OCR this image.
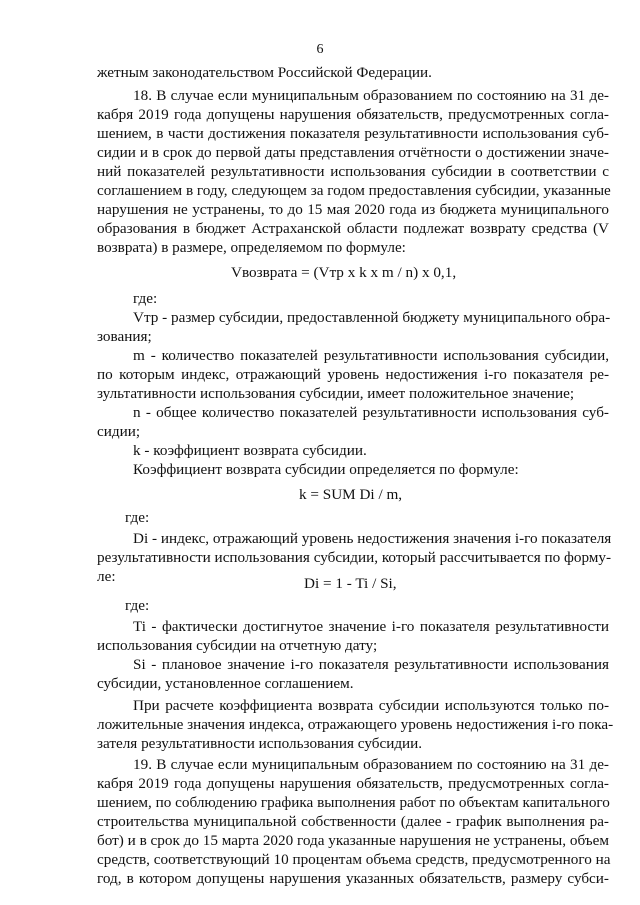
6
жетным законодательством Российской Федерации.
18. В случае если муниципальным образованием по состоянию на 31 де-
кабря 2019 года допущены нарушения обязательств, предусмотренных согла-
шением, в части достижения показателя результативности использования суб-
сидии и в срок до первой даты представления отчётности о достижении значе-
ний показателей результативности использования субсидии в соответствии с
соглашением в году, следующем за годом предоставления субсидии, указанные
нарушения не устранены, то до 15 мая 2020 года из бюджета муниципального
образования в бюджет Астраханской области подлежат возврату средства (V
возврата) в размере, определяемом по формуле:
Vвозврата = (Vтр x k x m / n) x 0,1,
где:
Vтр - размер субсидии, предоставленной бюджету муниципального обра-
зования;
m - количество показателей результативности использования субсидии,
по которым индекс, отражающий уровень недостижения i-го показателя ре-
зультативности использования субсидии, имеет положительное значение;
n - общее количество показателей результативности использования суб-
сидии;
k - коэффициент возврата субсидии.
Коэффициент возврата субсидии определяется по формуле:
k = SUM Di / m,
где:
Di - индекс, отражающий уровень недостижения значения i-го показателя
результативности использования субсидии, который рассчитывается по форму-
ле:	Di = 1 - Ti / Si,
где:
Ti - фактически достигнутое значение i-го показателя результативности
использования субсидии на отчетную дату;
Si - плановое значение i-го показателя результативности использования
субсидии, установленное соглашением.
При расчете коэффициента возврата субсидии используются только по-
ложительные значения индекса, отражающего уровень недостижения i-го пока-
зателя результативности использования субсидии.
19. В случае если муниципальным образованием по состоянию на 31 де-
кабря 2019 года допущены нарушения обязательств, предусмотренных согла-
шением, по соблюдению графика выполнения работ по объектам капитального
строительства муниципальной собственности (далее - график выполнения ра-
бот) и в срок до 15 марта 2020 года указанные нарушения не устранены, объем
средств, соответствующий 10 процентам объема средств, предусмотренного на
год, в котором допущены нарушения указанных обязательств, размеру субси-
